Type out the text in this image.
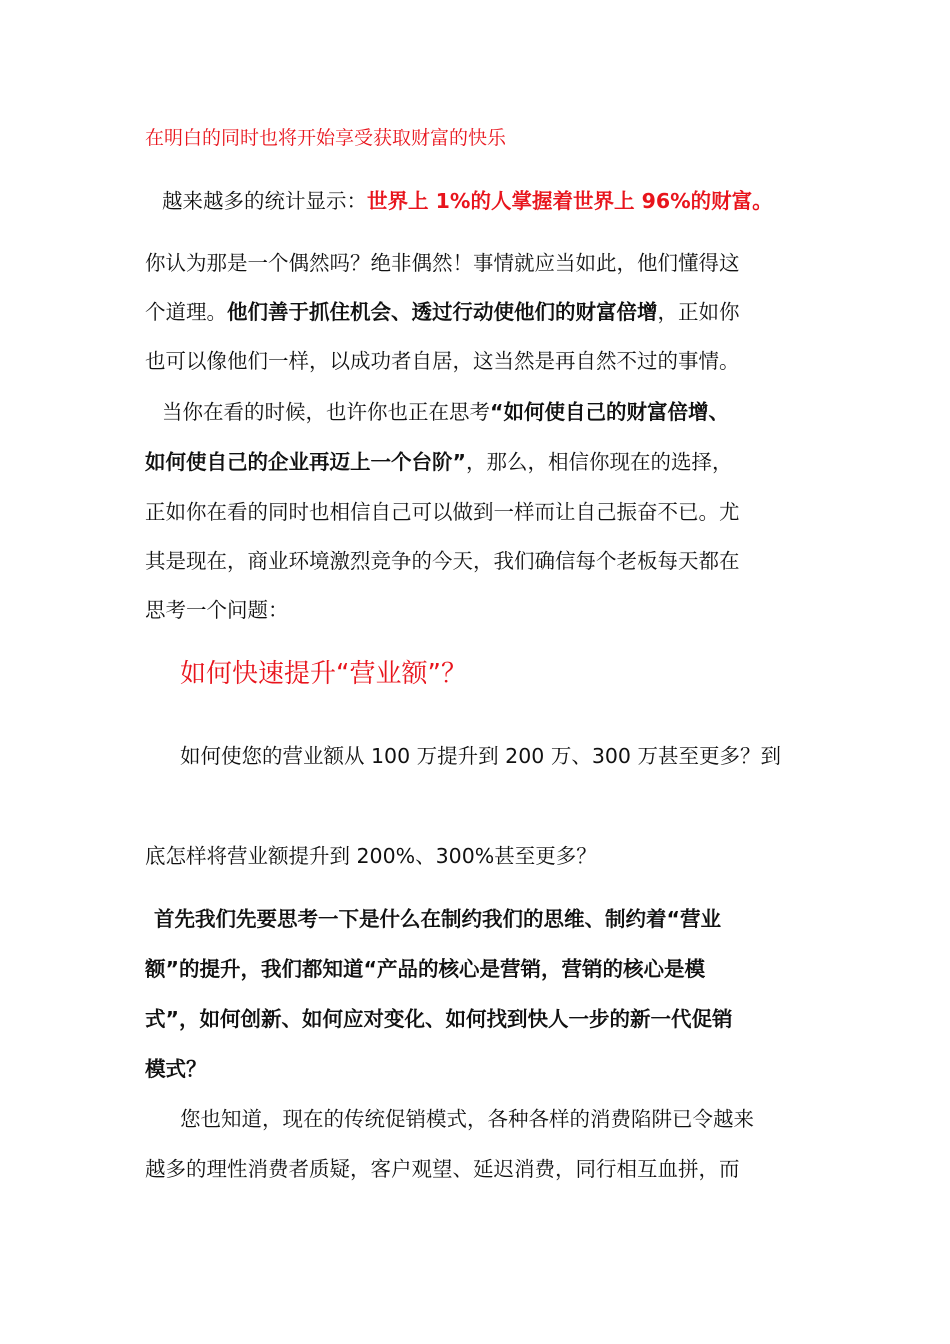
在明白的同时也将开始享受获取财富的快乐
越来越多的统计显示：世界上 1%的人掌握着世界上 96%的财富。
你认为那是一个偶然吗？绝非偶然！事情就应当如此，他们懂得这
个道理。他们善于抓住机会、透过行动使他们的财富倍增，正如你
也可以像他们一样，以成功者自居，这当然是再自然不过的事情。
当你在看的时候，也许你也正在思考“如何使自己的财富倍增、
如何使自己的企业再迈上一个台阶”，那么，相信你现在的选择，
正如你在看的同时也相信自己可以做到一样而让自己振奋不已。尤
其是现在，商业环境激烈竞争的今天，我们确信每个老板每天都在
思考一个问题：
如何快速提升“营业额”？
如何使您的营业额从 100 万提升到 200 万、300 万甚至更多？到
底怎样将营业额提升到 200%、300%甚至更多？
首先我们先要思考一下是什么在制约我们的思维、制约着“营业
额”的提升，我们都知道“产品的核心是营销，营销的核心是模
式”，如何创新、如何应对变化、如何找到快人一步的新一代促销
模式？
您也知道，现在的传统促销模式，各种各样的消费陷阱已令越来
越多的理性消费者质疑，客户观望、延迟消费，同行相互血拼，而
